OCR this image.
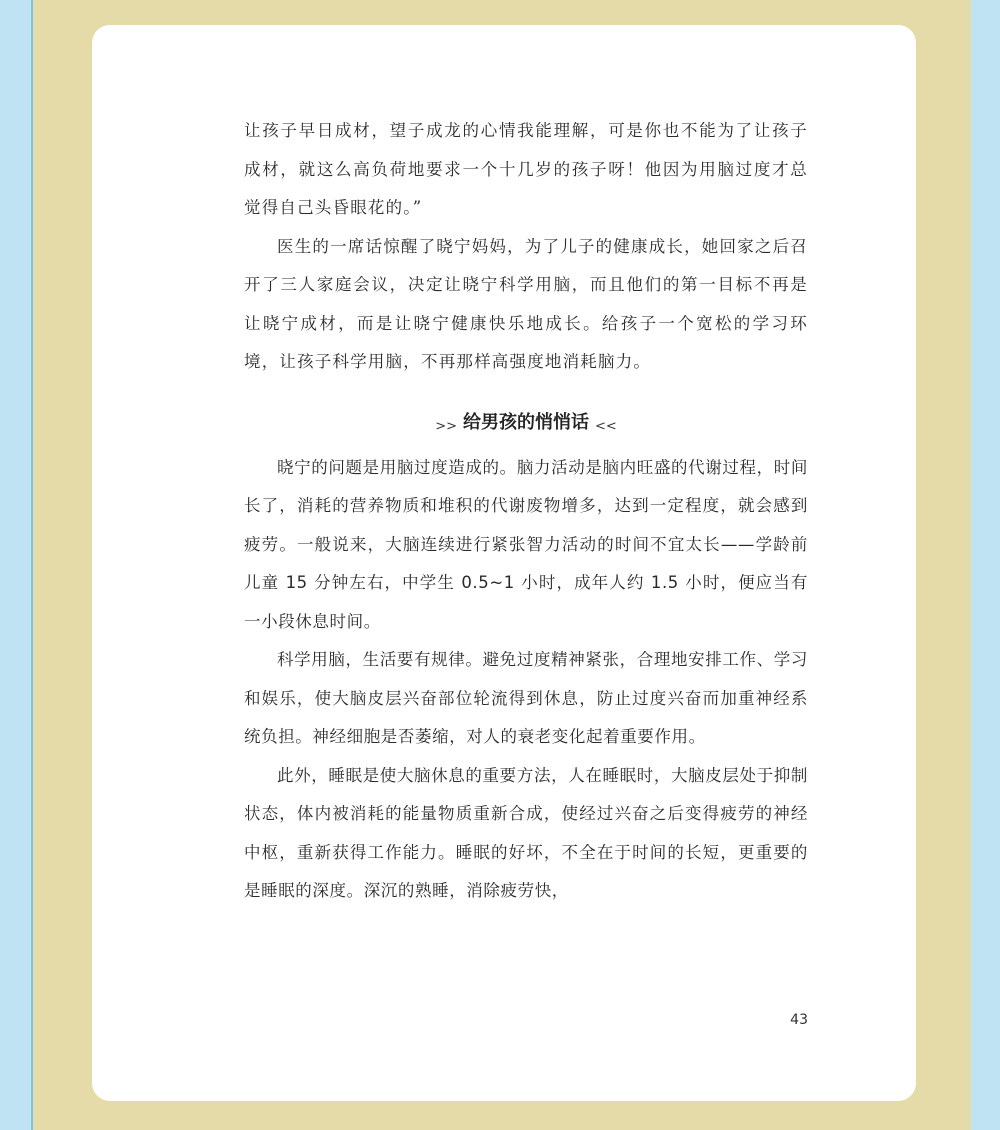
让孩子早日成材，望子成龙的心情我能理解，可是你也不能为了让孩子成材，就这么高负荷地要求一个十几岁的孩子呀！他因为用脑过度才总觉得自己头昏眼花的。”

医生的一席话惊醒了晓宁妈妈，为了儿子的健康成长，她回家之后召开了三人家庭会议，决定让晓宁科学用脑，而且他们的第一目标不再是让晓宁成材，而是让晓宁健康快乐地成长。给孩子一个宽松的学习环境，让孩子科学用脑，不再那样高强度地消耗脑力。

>> 给男孩的悄悄话 <<

晓宁的问题是用脑过度造成的。脑力活动是脑内旺盛的代谢过程，时间长了，消耗的营养物质和堆积的代谢废物增多，达到一定程度，就会感到疲劳。一般说来，大脑连续进行紧张智力活动的时间不宜太长——学龄前儿童 15 分钟左右，中学生 0.5~1 小时，成年人约 1.5 小时，便应当有一小段休息时间。

科学用脑，生活要有规律。避免过度精神紧张，合理地安排工作、学习和娱乐，使大脑皮层兴奋部位轮流得到休息，防止过度兴奋而加重神经系统负担。神经细胞是否萎缩，对人的衰老变化起着重要作用。

此外，睡眠是使大脑休息的重要方法，人在睡眠时，大脑皮层处于抑制状态，体内被消耗的能量物质重新合成，使经过兴奋之后变得疲劳的神经中枢，重新获得工作能力。睡眠的好坏，不全在于时间的长短，更重要的是睡眠的深度。深沉的熟睡，消除疲劳快，

43
